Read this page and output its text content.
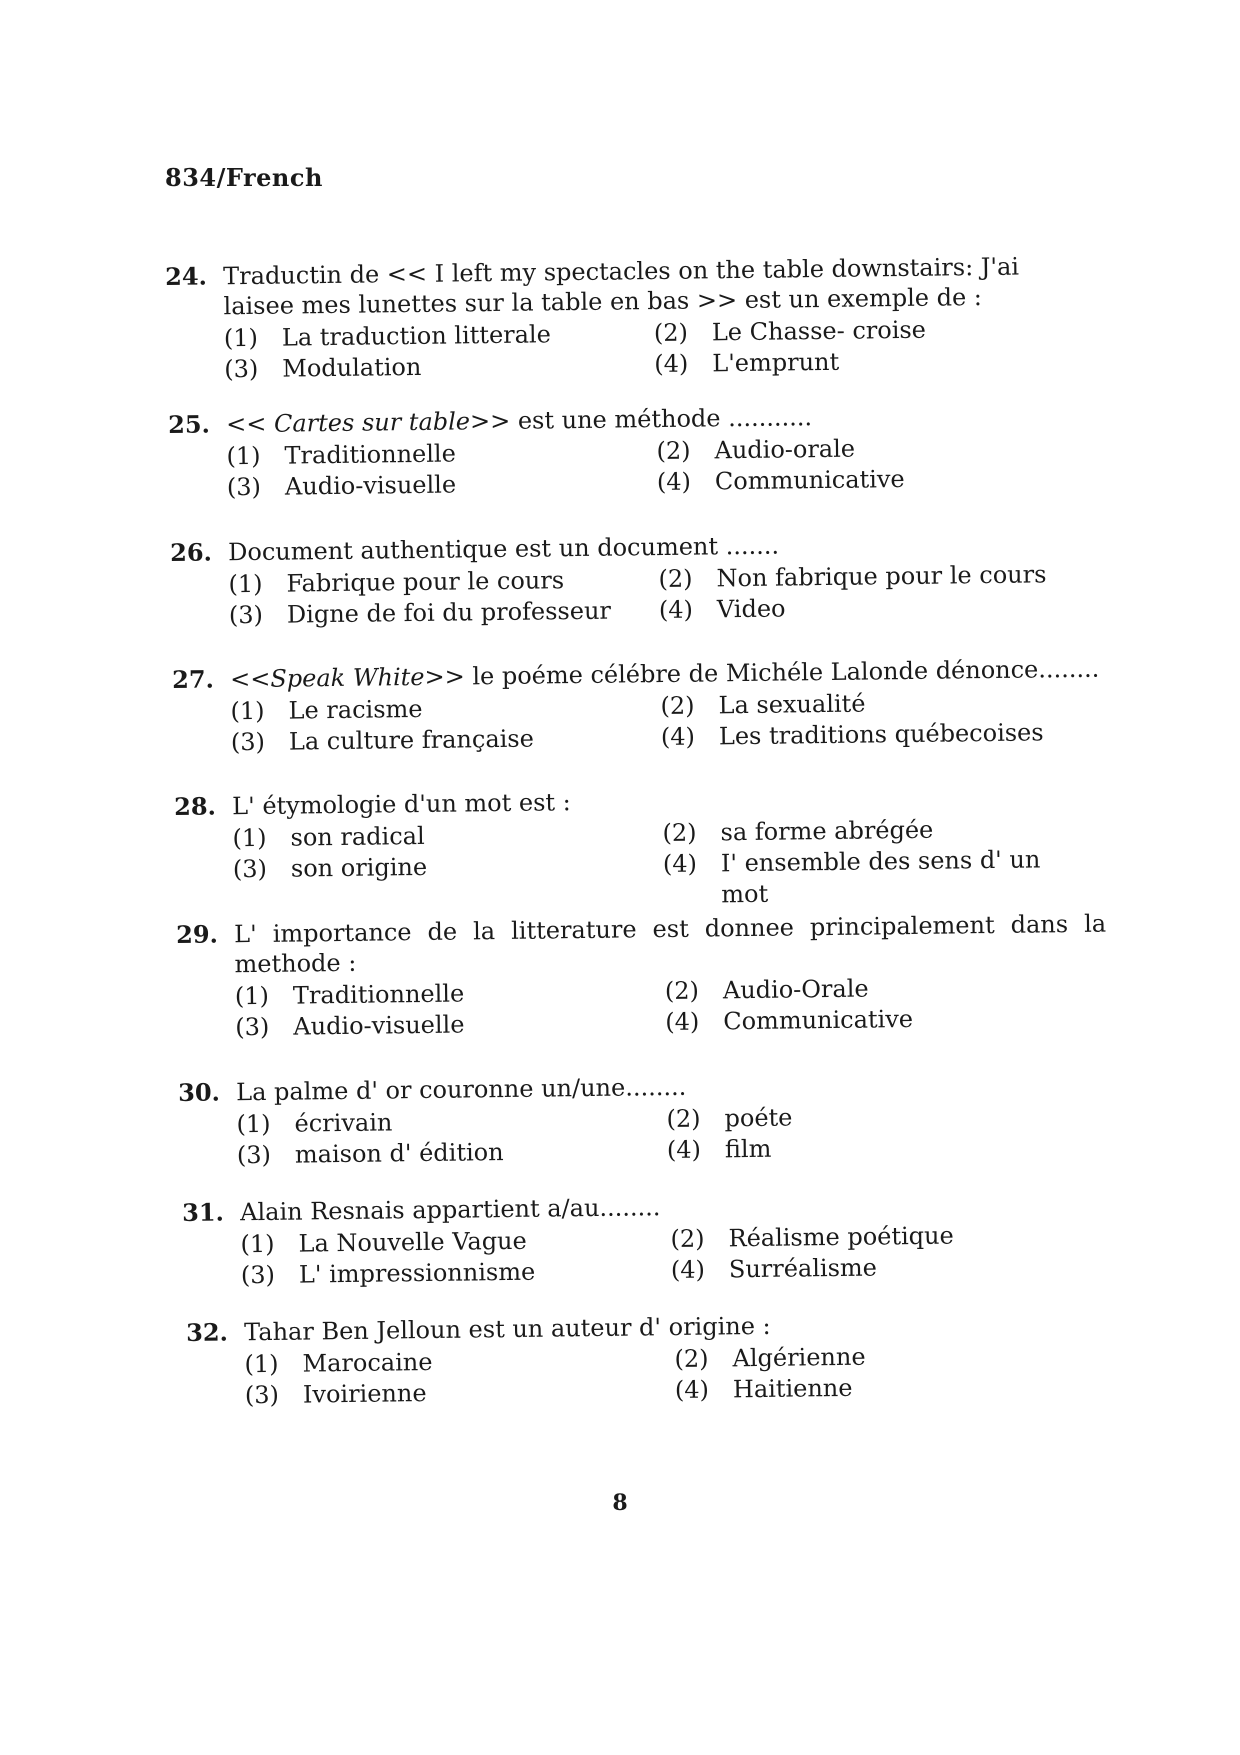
834/French
24. Traductin de << I left my spectacles on the table downstairs: J'ai laisee mes lunettes sur la table en bas >> est un exemple de :
(1) La traduction litterale	(2) Le Chasse- croise
(3) Modulation	(4) L'emprunt
25. << Cartes sur table>> est une méthode ...........
(1) Traditionnelle	(2) Audio-orale
(3) Audio-visuelle	(4) Communicative
26. Document authentique est un document .......
(1) Fabrique pour le cours	(2) Non fabrique pour le cours
(3) Digne de foi du professeur (4) Video
27. <<Speak White>> le poéme célébre de Michéle Lalonde dénonce........
(1) Le racisme	(2) La sexualité
(3) La culture française	(4) Les traditions québecoises
28. L' étymologie d'un mot est :
(1) son radical	(2) sa forme abrégée
(3) son origine	(4) I' ensemble des sens d' un mot
29. L' importance de la litterature est donnee principalement dans la methode :
(1) Traditionnelle	(2) Audio-Orale
(3) Audio-visuelle	(4) Communicative
30. La palme d' or couronne un/une........
(1) écrivain	(2) poéte
(3) maison d' édition	(4) film
31. Alain Resnais appartient a/au........
(1) La Nouvelle Vague	(2) Réalisme poétique
(3) L' impressionnisme	(4) Surréalisme
32. Tahar Ben Jelloun est un auteur d' origine :
(1) Marocaine	(2) Algérienne
(3) Ivoirienne	(4) Haitienne
8
